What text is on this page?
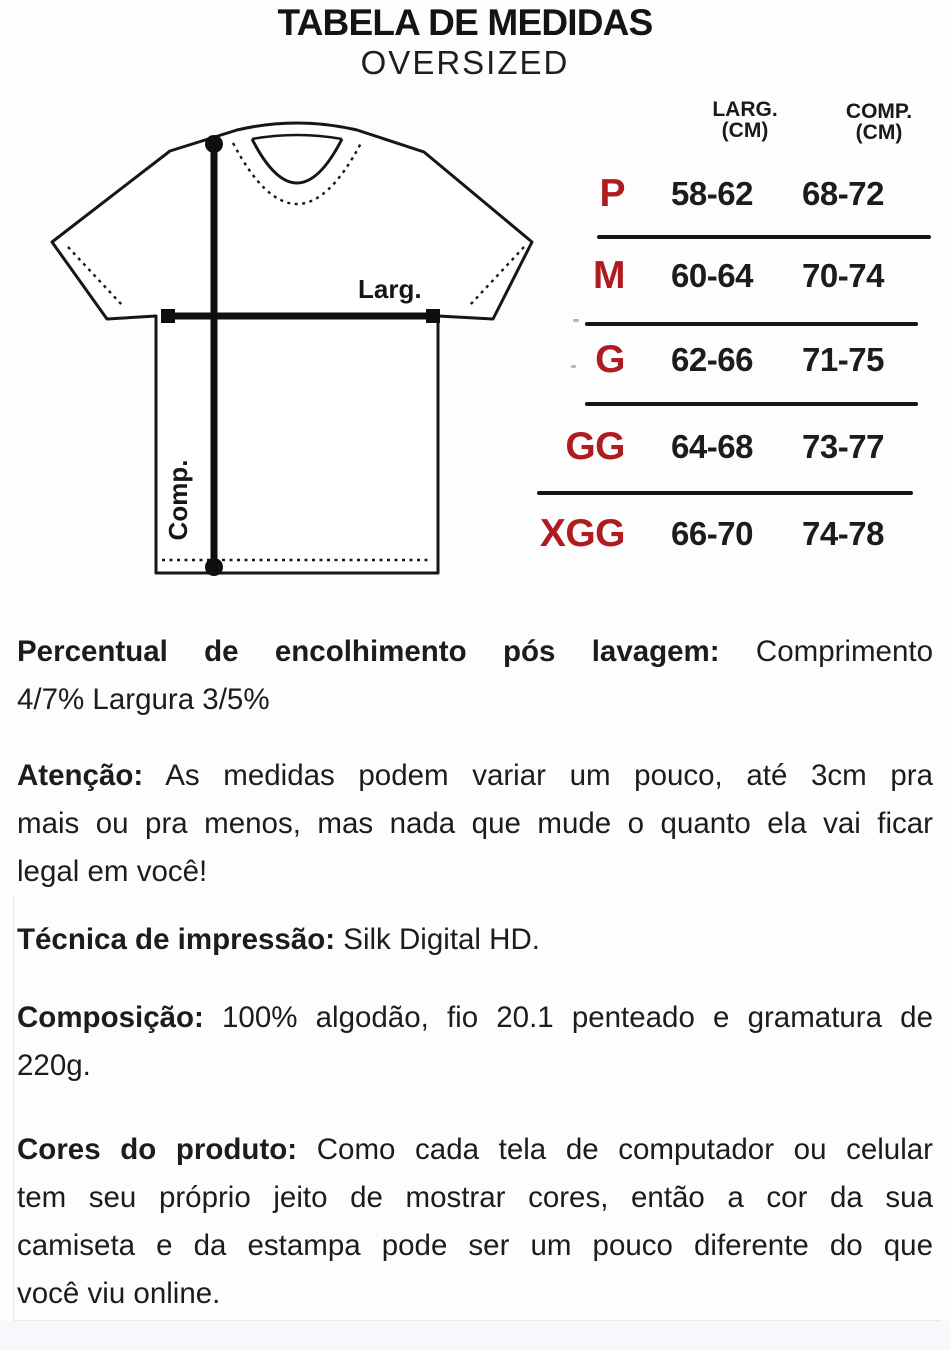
TABELA DE MEDIDAS
OVERSIZED
Larg.
Comp.
LARG.
(CM)
COMP.
(CM)
P	58-62	68-72
M	60-64	70-74
G	62-66	71-75
GG	64-68	73-77
XGG	66-70	74-78
Percentual de encolhimento pós lavagem: Comprimento
4/7% Largura 3/5%
Atenção: As medidas podem variar um pouco, até 3cm pra
mais ou pra menos, mas nada que mude o quanto ela vai ficar
legal em você!
Técnica de impressão: Silk Digital HD.
Composição: 100% algodão, fio 20.1 penteado e gramatura de
220g.
Cores do produto: Como cada tela de computador ou celular
tem seu próprio jeito de mostrar cores, então a cor da sua
camiseta e da estampa pode ser um pouco diferente do que
você viu online.
